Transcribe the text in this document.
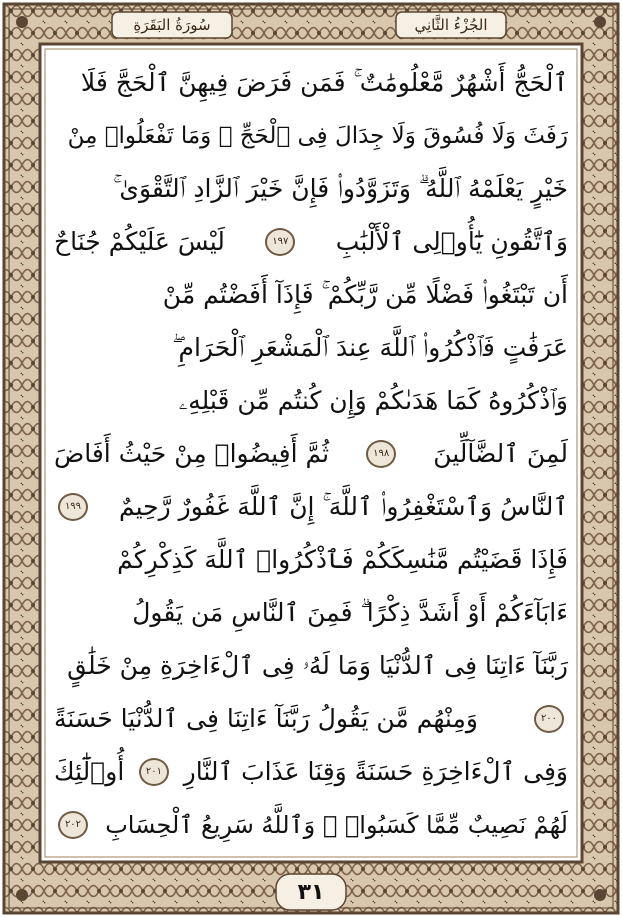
الجُزْءُ الثَّانِي
سُورَةُ البَقَرَةِ
ٱلْحَجُّ أَشْهُرٌ مَّعْلُومَٰتٌ ۚ فَمَن فَرَضَ فِيهِنَّ ٱلْحَجَّ فَلَا
رَفَثَ وَلَا فُسُوقَ وَلَا جِدَالَ فِى ٱلْحَجِّ ۗ وَمَا تَفْعَلُوا۟ مِنْ
خَيْرٍ يَعْلَمْهُ ٱللَّهُ ۗ وَتَزَوَّدُوا۟ فَإِنَّ خَيْرَ ٱلزَّادِ ٱلتَّقْوَىٰ ۚ
وَٱتَّقُونِ يَٰٓأُو۟لِى ٱلْأَلْبَٰبِ
١٩٧
لَيْسَ عَلَيْكُمْ جُنَاحٌ
أَن تَبْتَغُوا۟ فَضْلًا مِّن رَّبِّكُمْ ۚ فَإِذَآ أَفَضْتُم مِّنْ
عَرَفَٰتٍ فَٱذْكُرُوا۟ ٱللَّهَ عِندَ ٱلْمَشْعَرِ ٱلْحَرَامِ ۖ
وَٱذْكُرُوهُ كَمَا هَدَىٰكُمْ وَإِن كُنتُم مِّن قَبْلِهِۦ
لَمِنَ ٱلضَّآلِّينَ
١٩٨
ثُمَّ أَفِيضُوا۟ مِنْ حَيْثُ أَفَاضَ
ٱلنَّاسُ وَٱسْتَغْفِرُوا۟ ٱللَّهَ ۚ إِنَّ ٱللَّهَ غَفُورٌ رَّحِيمٌ
١٩٩
فَإِذَا قَضَيْتُم مَّنَٰسِكَكُمْ فَٱذْكُرُوا۟ ٱللَّهَ كَذِكْرِكُمْ
ءَابَآءَكُمْ أَوْ أَشَدَّ ذِكْرًا ۗ فَمِنَ ٱلنَّاسِ مَن يَقُولُ
رَبَّنَآ ءَاتِنَا فِى ٱلدُّنْيَا وَمَا لَهُۥ فِى ٱلْءَاخِرَةِ مِنْ خَلَٰقٍ
٢٠٠
وَمِنْهُم مَّن يَقُولُ رَبَّنَآ ءَاتِنَا فِى ٱلدُّنْيَا حَسَنَةً
وَفِى ٱلْءَاخِرَةِ حَسَنَةً وَقِنَا عَذَابَ ٱلنَّارِ
٢٠١
أُو۟لَٰٓئِكَ
لَهُمْ نَصِيبٌ مِّمَّا كَسَبُوا۟ ۚ وَٱللَّهُ سَرِيعُ ٱلْحِسَابِ
٢٠٢
٣١
